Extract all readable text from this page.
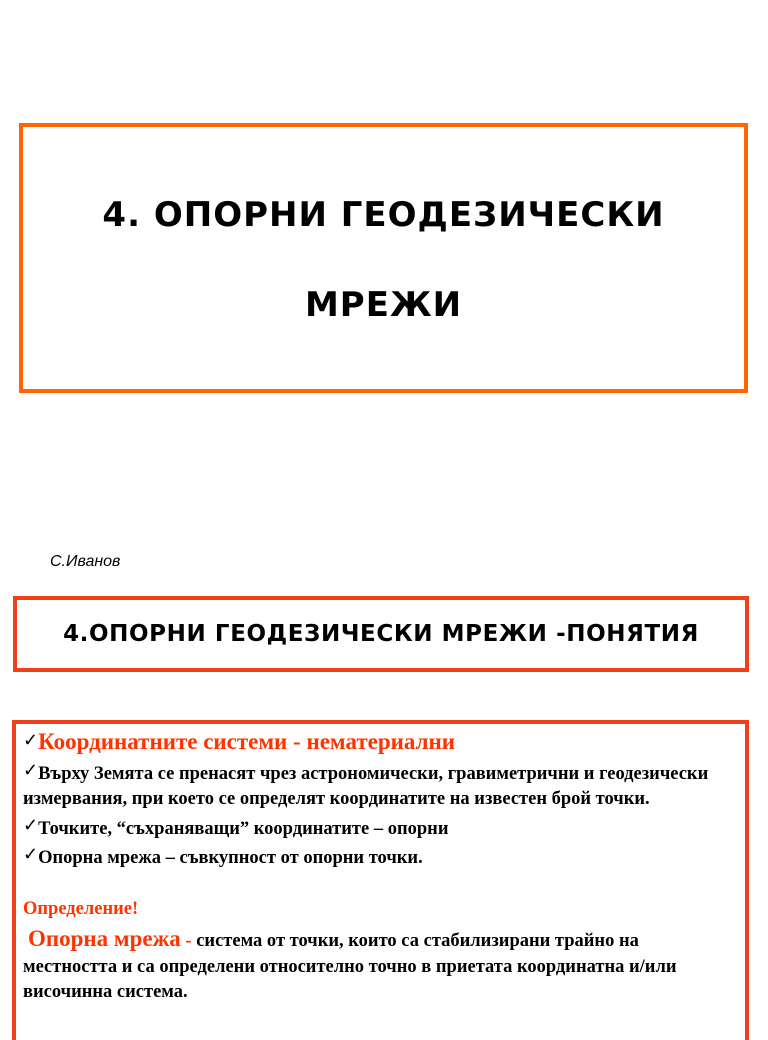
4. ОПОРНИ ГЕОДЕЗИЧЕСКИ
МРЕЖИ
С.Иванов
4.ОПОРНИ ГЕОДЕЗИЧЕСКИ МРЕЖИ -ПОНЯТИЯ
✓Координатните системи - нематериални
✓Върху Земята се пренасят чрез астрономически, гравиметрични и геодезически измервания, при което се определят координатите на известен брой точки.
✓Точките, “съхраняващи” координатите – опорни
✓Опорна мрежа – съвкупност от опорни точки.
Определение!
Опорна мрежа - система от точки, които са стабилизирани трайно на местността и са определени относително точно в приетата координатна и/или височинна система.
